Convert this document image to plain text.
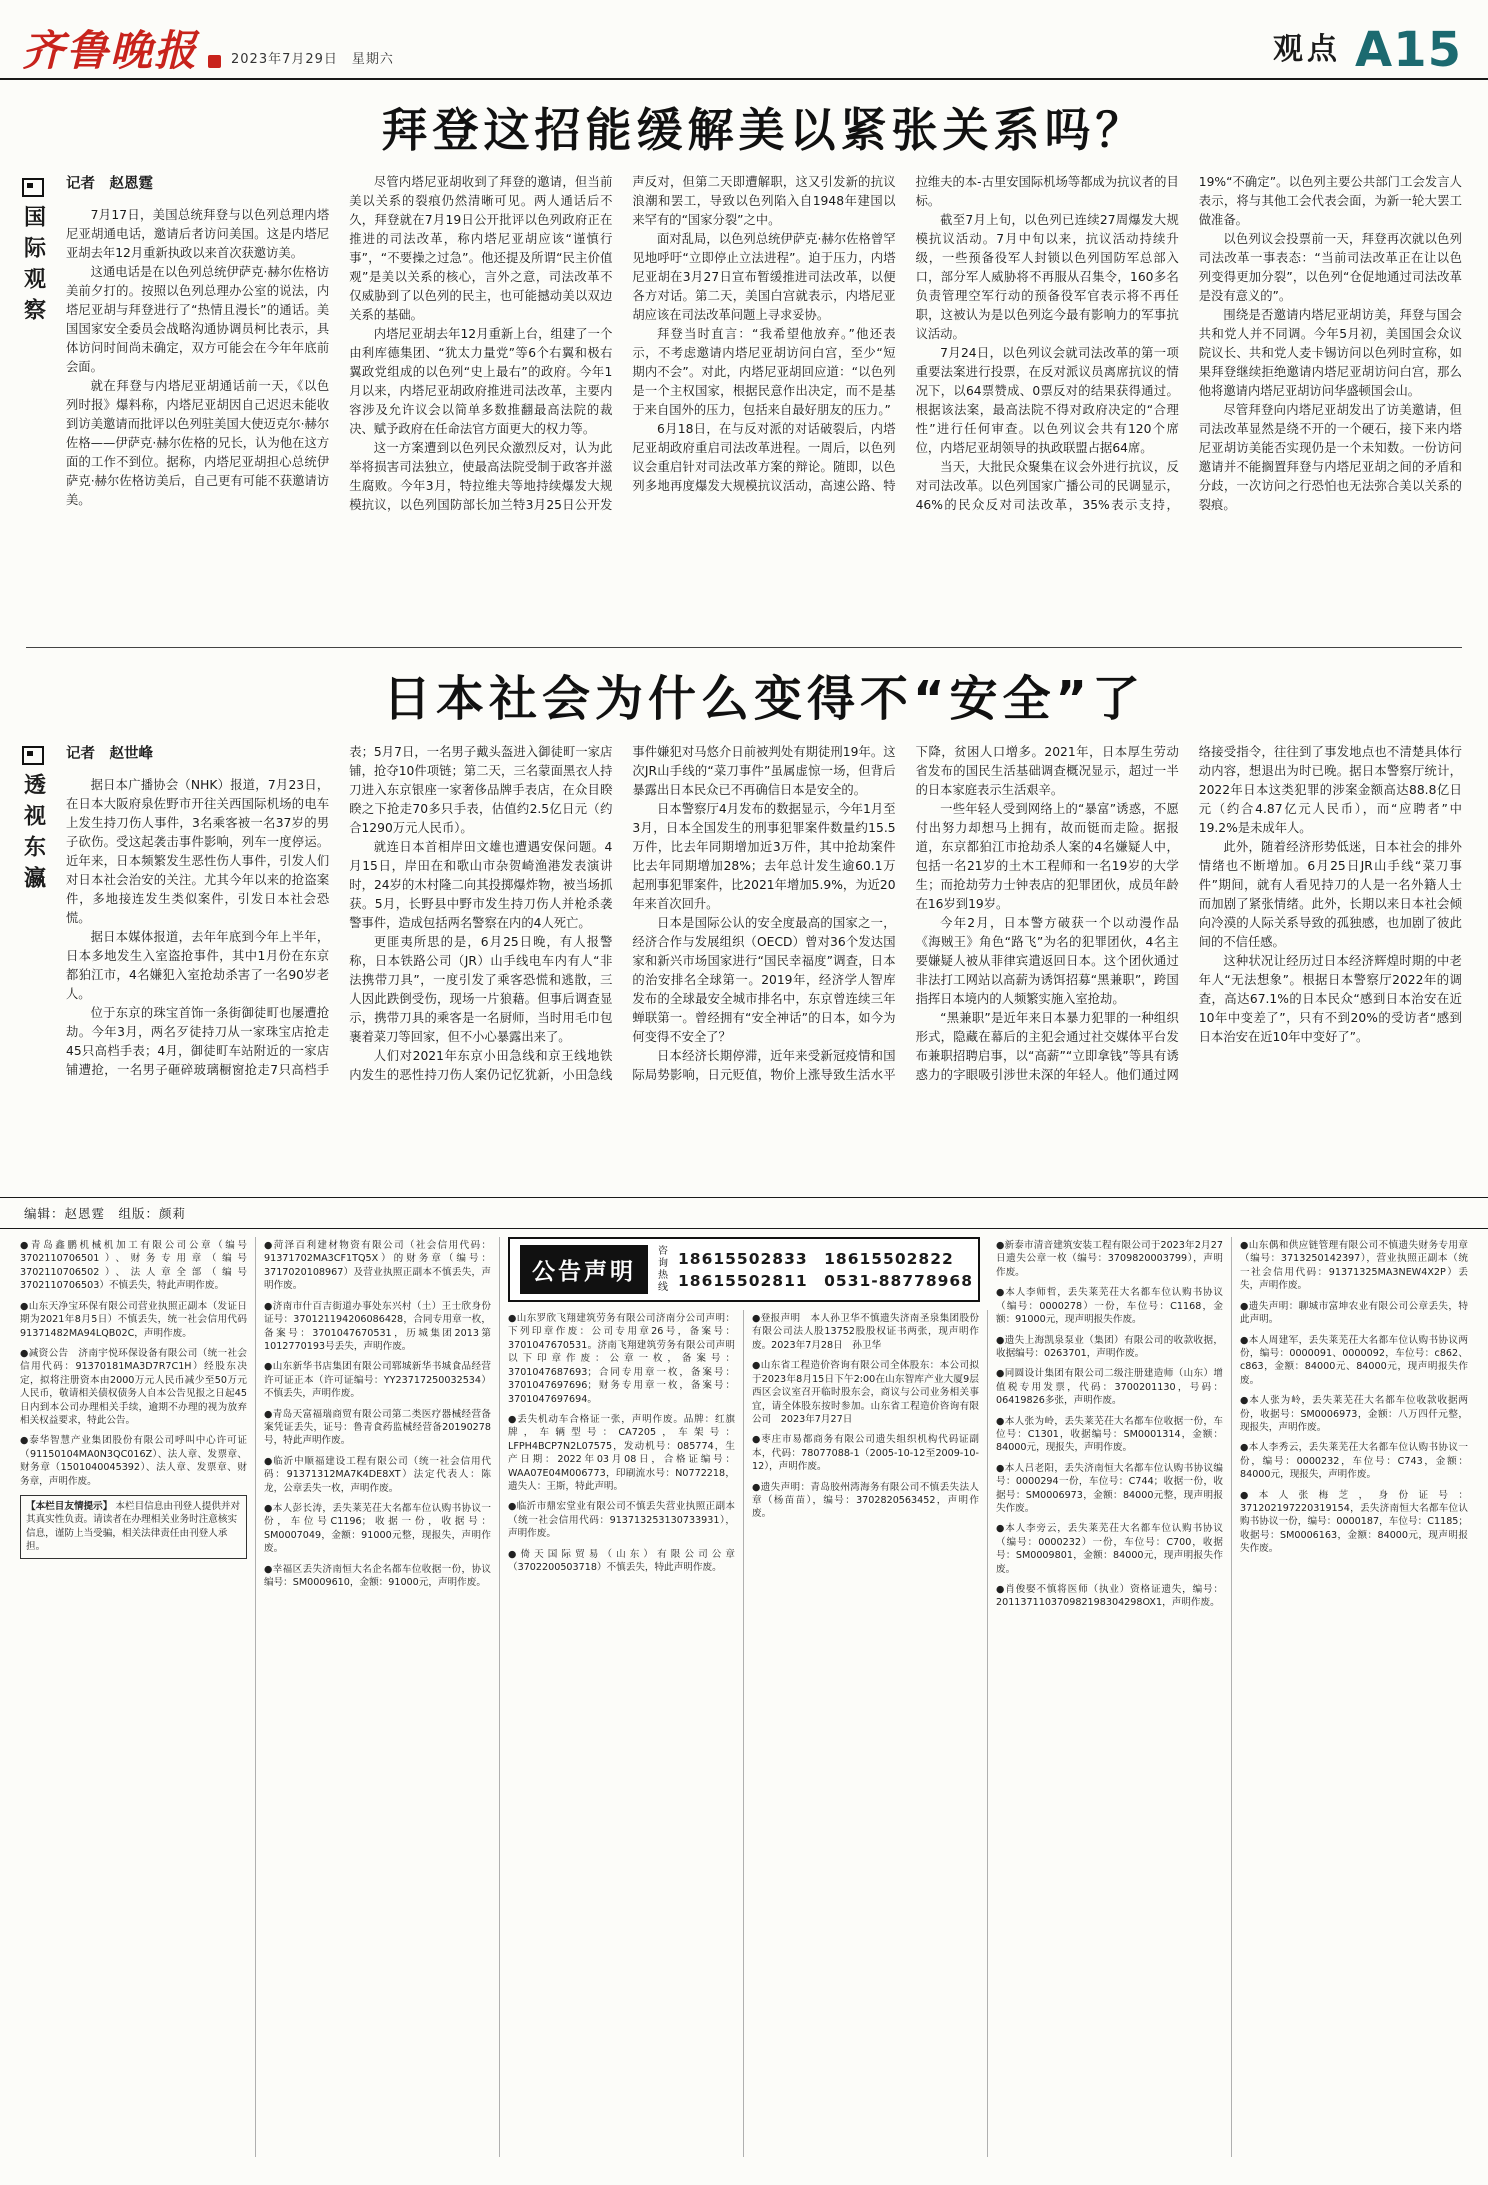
齐鲁晚报	2023年7月29日　星期六	观点 A15
国际观察
拜登这招能缓解美以紧张关系吗？

记者　赵恩霆

7月17日，美国总统拜登与以色列总理内塔尼亚胡通电话，邀请后者访问美国。这是内塔尼亚胡去年12月重新执政以来首次获邀访美。

这通电话是在以色列总统伊萨克·赫尔佐格访美前夕打的。按照以色列总理办公室的说法，内塔尼亚胡与拜登进行了“热情且漫长”的通话。美国国家安全委员会战略沟通协调员柯比表示，具体访问时间尚未确定，双方可能会在今年年底前会面。

就在拜登与内塔尼亚胡通话前一天，《以色列时报》爆料称，内塔尼亚胡因自己迟迟未能收到访美邀请而批评以色列驻美国大使迈克尔·赫尔佐格——伊萨克·赫尔佐格的兄长，认为他在这方面的工作不到位。据称，内塔尼亚胡担心总统伊萨克·赫尔佐格访美后，自己更有可能不获邀请访美。

尽管内塔尼亚胡收到了拜登的邀请，但当前美以关系的裂痕仍然清晰可见。两人通话后不久，拜登就在7月19日公开批评以色列政府正在推进的司法改革，称内塔尼亚胡应该“谨慎行事”，“不要操之过急”。他还提及所谓“民主价值观”是美以关系的核心，言外之意，司法改革不仅威胁到了以色列的民主，也可能撼动美以双边关系的基础。

内塔尼亚胡去年12月重新上台，组建了一个由利库德集团、“犹太力量党”等6个右翼和极右翼政党组成的以色列“史上最右”的政府。今年1月以来，内塔尼亚胡政府推进司法改革，主要内容涉及允许议会以简单多数推翻最高法院的裁决、赋予政府在任命法官方面更大的权力等。

这一方案遭到以色列民众激烈反对，认为此举将损害司法独立，使最高法院受制于政客并滋生腐败。今年3月，特拉维夫等地持续爆发大规模抗议，以色列国防部长加兰特3月25日公开发声反对，但第二天即遭解职，这又引发新的抗议浪潮和罢工，导致以色列陷入自1948年建国以来罕有的“国家分裂”之中。

面对乱局，以色列总统伊萨克·赫尔佐格曾罕见地呼吁“立即停止立法进程”。迫于压力，内塔尼亚胡在3月27日宣布暂缓推进司法改革，以便各方对话。第二天，美国白宫就表示，内塔尼亚胡应该在司法改革问题上寻求妥协。

拜登当时直言：“我希望他放弃。”他还表示，不考虑邀请内塔尼亚胡访问白宫，至少“短期内不会”。对此，内塔尼亚胡回应道：“以色列是一个主权国家，根据民意作出决定，而不是基于来自国外的压力，包括来自最好朋友的压力。”

6月18日，在与反对派的对话破裂后，内塔尼亚胡政府重启司法改革进程。一周后，以色列议会重启针对司法改革方案的辩论。随即，以色列多地再度爆发大规模抗议活动，高速公路、特拉维夫的本-古里安国际机场等都成为抗议者的目标。

截至7月上旬，以色列已连续27周爆发大规模抗议活动。7月中旬以来，抗议活动持续升级，一些预备役军人封锁以色列国防军总部入口，部分军人威胁将不再服从召集令，160多名负责管理空军行动的预备役军官表示将不再任职，这被认为是以色列迄今最有影响力的军事抗议活动。

7月24日，以色列议会就司法改革的第一项重要法案进行投票，在反对派议员离席抗议的情况下，以64票赞成、0票反对的结果获得通过。根据该法案，最高法院不得对政府决定的“合理性”进行任何审查。以色列议会共有120个席位，内塔尼亚胡领导的执政联盟占据64席。

当天，大批民众聚集在议会外进行抗议，反对司法改革。以色列国家广播公司的民调显示，46%的民众反对司法改革，35%表示支持，19%“不确定”。以色列主要公共部门工会发言人表示，将与其他工会代表会面，为新一轮大罢工做准备。

以色列议会投票前一天，拜登再次就以色列司法改革一事表态：“当前司法改革正在让以色列变得更加分裂”，以色列“仓促地通过司法改革是没有意义的”。

围绕是否邀请内塔尼亚胡访美，拜登与国会共和党人并不同调。今年5月初，美国国会众议院议长、共和党人麦卡锡访问以色列时宣称，如果拜登继续拒绝邀请内塔尼亚胡访问白宫，那么他将邀请内塔尼亚胡访问华盛顿国会山。

尽管拜登向内塔尼亚胡发出了访美邀请，但司法改革显然是绕不开的一个硬石，接下来内塔尼亚胡访美能否实现仍是一个未知数。一份访问邀请并不能搁置拜登与内塔尼亚胡之间的矛盾和分歧，一次访问之行恐怕也无法弥合美以关系的裂痕。

透视东瀛
日本社会为什么变得不“安全”了

记者　赵世峰

据日本广播协会（NHK）报道，7月23日，在日本大阪府泉佐野市开往关西国际机场的电车上发生持刀伤人事件，3名乘客被一名37岁的男子砍伤。受这起袭击事件影响，列车一度停运。近年来，日本频繁发生恶性伤人事件，引发人们对日本社会治安的关注。尤其今年以来的抢盗案件，多地接连发生类似案件，引发日本社会恐慌。

据日本媒体报道，去年年底到今年上半年，日本多地发生入室盗抢事件，其中1月份在东京都狛江市，4名嫌犯入室抢劫杀害了一名90岁老人。

位于东京的珠宝首饰一条街御徒町也屡遭抢劫。今年3月，两名歹徒持刀从一家珠宝店抢走45只高档手表；4月，御徒町车站附近的一家店铺遭抢，一名男子砸碎玻璃橱窗抢走7只高档手表；5月7日，一名男子戴头盔进入御徒町一家店铺，抢夺10件项链；第二天，三名蒙面黑衣人持刀进入东京银座一家奢侈品牌手表店，在众目睽睽之下抢走70多只手表，估值约2.5亿日元（约合1290万元人民币）。

就连日本首相岸田文雄也遭遇安保问题。4月15日，岸田在和歌山市杂贺崎渔港发表演讲时，24岁的木村隆二向其投掷爆炸物，被当场抓获。5月，长野县中野市发生持刀伤人并枪杀袭警事件，造成包括两名警察在内的4人死亡。

更匪夷所思的是，6月25日晚，有人报警称，日本铁路公司（JR）山手线电车内有人“非法携带刀具”，一度引发了乘客恐慌和逃散，三人因此跌倒受伤，现场一片狼藉。但事后调查显示，携带刀具的乘客是一名厨师，当时用毛巾包裹着菜刀等回家，但不小心暴露出来了。

人们对2021年东京小田急线和京王线地铁内发生的恶性持刀伤人案仍记忆犹新，小田急线事件嫌犯对马悠介日前被判处有期徒刑19年。这次JR山手线的“菜刀事件”虽属虚惊一场，但背后暴露出日本民众已不再确信日本是安全的。

日本警察厅4月发布的数据显示，今年1月至3月，日本全国发生的刑事犯罪案件数量约15.5万件，比去年同期增加近3万件，其中抢劫案件比去年同期增加28%；去年总计发生逾60.1万起刑事犯罪案件，比2021年增加5.9%，为近20年来首次回升。

日本是国际公认的安全度最高的国家之一，经济合作与发展组织（OECD）曾对36个发达国家和新兴市场国家进行“国民幸福度”调查，日本的治安排名全球第一。2019年，经济学人智库发布的全球最安全城市排名中，东京曾连续三年蝉联第一。曾经拥有“安全神话”的日本，如今为何变得不安全了？

日本经济长期停滞，近年来受新冠疫情和国际局势影响，日元贬值，物价上涨导致生活水平下降，贫困人口增多。2021年，日本厚生劳动省发布的国民生活基础调查概况显示，超过一半的日本家庭表示生活艰辛。

一些年轻人受到网络上的“暴富”诱惑，不愿付出努力却想马上拥有，故而铤而走险。据报道，东京都狛江市抢劫杀人案的4名嫌疑人中，包括一名21岁的土木工程师和一名19岁的大学生；而抢劫劳力士钟表店的犯罪团伙，成员年龄在16岁到19岁。

今年2月，日本警方破获一个以动漫作品《海贼王》角色“路飞”为名的犯罪团伙，4名主要嫌疑人被从菲律宾遣返回日本。这个团伙通过非法打工网站以高薪为诱饵招募“黑兼职”，跨国指挥日本境内的人频繁实施入室抢劫。

“黑兼职”是近年来日本暴力犯罪的一种组织形式，隐藏在幕后的主犯会通过社交媒体平台发布兼职招聘启事，以“高薪”“立即拿钱”等具有诱惑力的字眼吸引涉世未深的年轻人。他们通过网络接受指令，往往到了事发地点也不清楚具体行动内容，想退出为时已晚。据日本警察厅统计，2022年日本这类犯罪的涉案金额高达88.8亿日元（约合4.87亿元人民币），而“应聘者”中19.2%是未成年人。

此外，随着经济形势低迷，日本社会的排外情绪也不断增加。6月25日JR山手线“菜刀事件”期间，就有人看见持刀的人是一名外籍人士而加剧了紧张情绪。此外，长期以来日本社会倾向冷漠的人际关系导致的孤独感，也加剧了彼此间的不信任感。

这种状况让经历过日本经济辉煌时期的中老年人“无法想象”。根据日本警察厅2022年的调查，高达67.1%的日本民众“感到日本治安在近10年中变差了”，只有不到20%的受访者“感到日本治安在近10年中变好了”。

编辑：赵恩霆　组版：颜莉
●青岛鑫鹏机械机加工有限公司公章（编号3702110706501）、财务专用章（编号3702110706502）、法人章全部（编号3702110706503）不慎丢失，特此声明作废。
●山东天净宝环保有限公司营业执照正副本（发证日期为2021年8月5日）不慎丢失，统一社会信用代码91371482MA94LQB02C，声明作废。
●减资公告　济南宇悦环保设备有限公司（统一社会信用代码：91370181MA3D7R7C1H）经股东决定，拟将注册资本由2000万元人民币减少至50万元人民币，敬请相关债权债务人自本公告见报之日起45日内到本公司办理相关手续，逾期不办理的视为放弃相关权益要求，特此公告。
●泰华智慧产业集团股份有限公司呼叫中心许可证（91150104MA0N3QC016Z）、法人章、发票章、财务章（1501040045392）、法人章、发票章、财务章，声明作废。
【本栏目友情提示】 本栏目信息由刊登人提供并对其真实性负责。请读者在办理相关业务时注意核实信息，谨防上当受骗，相关法律责任由刊登人承担。
●菏泽百利建材物资有限公司（社会信用代码：91371702MA3CF1TQ5X）的财务章（编号：3717020108967）及营业执照正副本不慎丢失，声明作废。
●济南市什百吉街道办事处东兴村（土）王士欣身份证号：370121194206086428，合同专用章一枚，备案号：3701047670531，历城集团2013第1012770193号丢失，声明作废。
●山东新华书店集团有限公司郓城新华书城食品经营许可证正本（许可证编号：YY23717250032534）不慎丢失，声明作废。
●青岛天富福瑞商贸有限公司第二类医疗器械经营备案凭证丢失，证号：鲁青食药监械经营备20190278号，特此声明作废。
●临沂中顺福建设工程有限公司（统一社会信用代码：91371312MA7K4DE8XT）法定代表人：陈龙，公章丢失一枚，声明作废。
●本人彭长涛，丢失莱芜茌大名都车位认购书协议一份，车位号C1196；收据一份，收据号：SM0007049，金额：91000元整，现报失，声明作废。
●幸福区丢失济南恒大名企名都车位收据一份，协议编号：SM0009610，金额：91000元，声明作废。
公告声明
咨询热线
18615502833　18615502822
18615502811　0531-88778968
●山东罗欣飞翔建筑劳务有限公司济南分公司声明：下列印章作废：公司专用章26号，备案号：3701047670531。济南飞翔建筑劳务有限公司声明以下印章作废：公章一枚，备案号：3701047687693；合同专用章一枚，备案号：3701047697696；财务专用章一枚，备案号：3701047697694。
●丢失机动车合格证一张，声明作废。品牌：红旗牌，车辆型号：CA7205，车架号：LFPH4BCP7N2L07575，发动机号：085774，生产日期：2022年03月08日，合格证编号：WAA07E04M006773，印刷流水号：N0772218，遗失人：王斯，特此声明。
●临沂市鼎宏堂业有限公司不慎丢失营业执照正副本（统一社会信用代码：913713253130733931），声明作废。
●倚天国际贸易（山东）有限公司公章（3702200503718）不慎丢失，特此声明作废。
●登报声明　本人孙卫华不慎遗失济南圣泉集团股份有限公司法人股13752股股权证书两张，现声明作废。2023年7月28日　孙卫华
●山东省工程造价咨询有限公司全体股东：本公司拟于2023年8月15日下午2:00在山东智库产业大厦9层西区会议室召开临时股东会，商议与公司业务相关事宜，请全体股东按时参加。山东省工程造价咨询有限公司　2023年7月27日
●枣庄市易都商务有限公司遗失组织机构代码证副本，代码：78077088-1（2005-10-12至2009-10-12），声明作废。
●遗失声明：青岛胶州湾海务有限公司不慎丢失法人章（杨苗苗），编号：3702820563452，声明作废。
●新泰市清音建筑安装工程有限公司于2023年2月27日遗失公章一枚（编号：3709820003799），声明作废。
●本人李师哲，丢失莱芜茌大名都车位认购书协议（编号：0000278）一份，车位号：C1168，金额：91000元，现声明报失作废。
●遗失上海凯泉泵业（集团）有限公司的收款收据，收据编号：0263701，声明作废。
●同圆设计集团有限公司二级注册建造师（山东）增值税专用发票，代码：3700201130，号码：06419826多张，声明作废。
●本人张为岭，丢失莱芜茌大名都车位收据一份，车位号：C1301，收据编号：SM0001314，金额：84000元，现报失，声明作废。
●本人吕老阳，丢失济南恒大名都车位认购书协议编号：0000294一份，车位号：C744；收据一份，收据号：SM0006973，金额：84000元整，现声明报失作废。
●本人李旁云，丢失莱芜茌大名都车位认购书协议（编号：0000232）一份，车位号：C700，收据号：SM0009801，金额：84000元，现声明报失作废。
●肖俊娶不慎将医师（执业）资格证遗失，编号：201137110370982198304298OX1，声明作废。
●山东偶和供应链管理有限公司不慎遗失财务专用章（编号：3713250142397），营业执照正副本（统一社会信用代码：91371325MA3NEW4X2P）丢失，声明作废。
●遗失声明：聊城市富坤农业有限公司公章丢失，特此声明。
●本人周建军，丢失莱芜茌大名都车位认购书协议两份，编号：0000091、0000092，车位号：c862、c863，金额：84000元、84000元，现声明报失作废。
●本人张为岭，丢失莱芜茌大名都车位收款收据两份，收据号：SM0006973，金额：八万四仟元整，现报失，声明作废。
●本人李秀云，丢失莱芜茌大名都车位认购书协议一份，编号：0000232，车位号：C743，金额：84000元，现报失，声明作废。
●本人张梅芝，身份证号：371202197220319154，丢失济南恒大名都车位认购书协议一份，编号：0000187，车位号：C1185；收据号：SM0006163，金额：84000元，现声明报失作废。
